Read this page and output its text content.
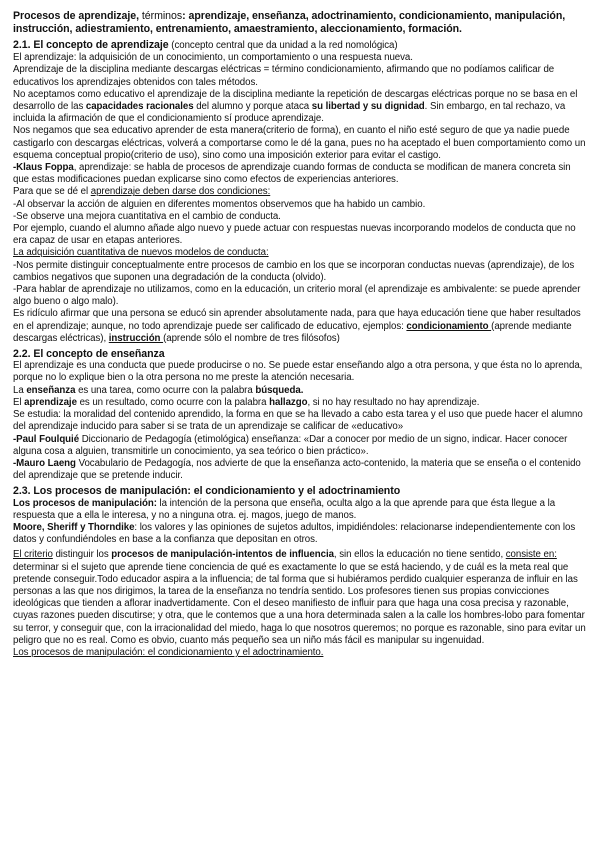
Procesos de aprendizaje, términos: aprendizaje, enseñanza, adoctrinamiento, condicionamiento, manipulación, instrucción, adiestramiento, entrenamiento, amaestramiento, aleccionamiento, formación.

2.1. El concepto de aprendizaje (concepto central que da unidad a la red nomológica)

El aprendizaje: la adquisición de un conocimiento, un comportamiento o una respuesta nueva.

Aprendizaje de la disciplina mediante descargas eléctricas = término condicionamiento, afirmando que no podíamos calificar de educativos los aprendizajes obtenidos con tales métodos.

No aceptamos como educativo el aprendizaje de la disciplina mediante la repetición de descargas eléctricas porque no se basa en el desarrollo de las capacidades racionales del alumno y porque ataca su libertad y su dignidad. Sin embargo, en tal rechazo, va incluida la afirmación de que el condicionamiento sí produce aprendizaje.

Nos negamos que sea educativo aprender de esta manera(criterio de forma), en cuanto el niño esté seguro de que ya nadie puede castigarlo con descargas eléctricas, volverá a comportarse como le dé la gana, pues no ha aceptado el buen comportamiento como un esquema conceptual propio(criterio de uso), sino como una imposición exterior para evitar el castigo.

-Klaus Foppa, aprendizaje: se habla de procesos de aprendizaje cuando formas de conducta se modifican de manera concreta sin que estas modificaciones puedan explicarse sino como efectos de experiencias anteriores.

Para que se dé el aprendizaje deben darse dos condiciones:

-Al observar la acción de alguien en diferentes momentos observemos que ha habido un cambio.

-Se observe una mejora cuantitativa en el cambio de conducta.

Por ejemplo, cuando el alumno añade algo nuevo y puede actuar con respuestas nuevas incorporando modelos de conducta que no era capaz de usar en etapas anteriores.

La adquisición cuantitativa de nuevos modelos de conducta:

-Nos permite distinguir conceptualmente entre procesos de cambio en los que se incorporan conductas nuevas (aprendizaje), de los cambios negativos que suponen una degradación de la conducta (olvido).

-Para hablar de aprendizaje no utilizamos, como en la educación, un criterio moral (el aprendizaje es ambivalente: se puede aprender algo bueno o algo malo).

Es ridículo afirmar que una persona se educó sin aprender absolutamente nada, para que haya educación tiene que haber resultados en el aprendizaje; aunque, no todo aprendizaje puede ser calificado de educativo, ejemplos: condicionamiento (aprende mediante descargas eléctricas), instrucción (aprende sólo el nombre de tres filósofos)

2.2. El concepto de enseñanza

El aprendizaje es una conducta que puede producirse o no. Se puede estar enseñando algo a otra persona, y que ésta no lo aprenda, porque no lo explique bien o la otra persona no me preste la atención necesaria.

La enseñanza es una tarea, como ocurre con la palabra búsqueda.

El aprendizaje es un resultado, como ocurre con la palabra hallazgo, si no hay resultado no hay aprendizaje.

Se estudia: la moralidad del contenido aprendido, la forma en que se ha llevado a cabo esta tarea y el uso que puede hacer el alumno del aprendizaje inducido para saber si se trata de un aprendizaje se calificar de «educativo»

-Paul Foulquié Diccionario de Pedagogía (etimológica) enseñanza: «Dar a conocer por medio de un signo, indicar. Hacer conocer alguna cosa a alguien, transmitirle un conocimiento, ya sea teórico o bien práctico».

-Mauro Laeng Vocabulario de Pedagogía, nos advierte de que la enseñanza acto-contenido, la materia que se enseña o el contenido del aprendizaje que se pretende inducir.

2.3. Los procesos de manipulación: el condicionamiento y el adoctrinamiento

Los procesos de manipulación: la intención de la persona que enseña, oculta algo a la que aprende para que ésta llegue a la respuesta que a ella le interesa, y no a ninguna otra. ej. magos, juego de manos.

Moore, Sheriff y Thorndike: los valores y las opiniones de sujetos adultos, impidiéndoles: relacionarse independientemente con los datos y confundiéndoles en base a la confianza que depositan en otros.

El criterio distinguir los procesos de manipulación-intentos de influencia, sin ellos la educación no tiene sentido, consiste en: determinar si el sujeto que aprende tiene conciencia de qué es exactamente lo que se está haciendo, y de cuál es la meta real que pretende conseguir.Todo educador aspira a la influencia; de tal forma que si hubiéramos perdido cualquier esperanza de influir en las personas a las que nos dirigimos, la tarea de la enseñanza no tendría sentido. Los profesores tienen sus propias convicciones ideológicas que tienden a aflorar inadvertidamente. Con el deseo manifiesto de influir para que haga una cosa precisa y razonable, cuyas razones pueden discutirse; y otra, que le contemos que a una hora determinada salen a la calle los hombres-lobo para fomentar su terror, y conseguir que, con la irracionalidad del miedo, haga lo que nosotros queremos; no porque es razonable, sino para evitar un peligro que no es real. Como es obvio, cuanto más pequeño sea un niño más fácil es manipular su ingenuidad.

Los procesos de manipulación: el condicionamiento y el adoctrinamiento.
